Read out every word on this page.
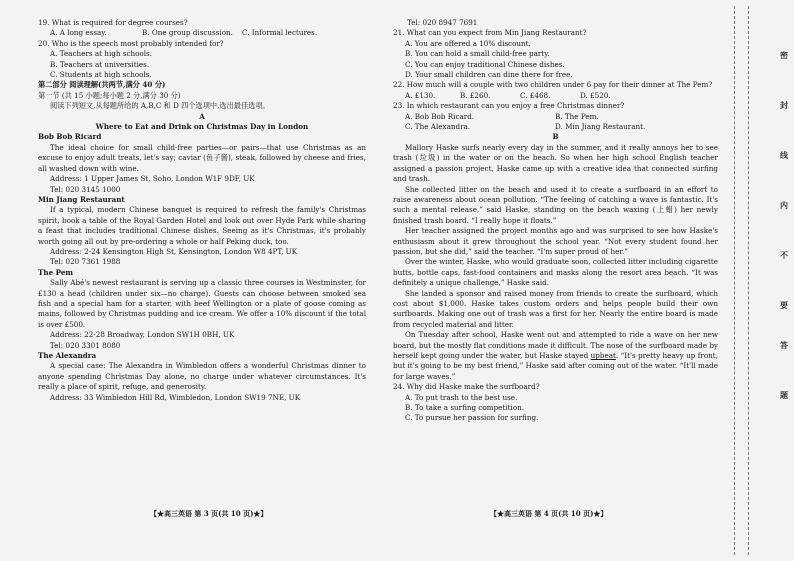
19. What is required for degree courses?

A. A long essay.	B. One group discussion.	C. Informal lectures.

20. Who is the speech most probably intended for?

A. Teachers at high schools.

B. Teachers at universities.

C. Students at high schools.

第二部分 阅读理解(共两节,满分 40 分)

第一节 (共 15 小题;每小题 2 分,满分 30 分)

阅读下列短文,从每题所给的 A,B,C 和 D 四个选项中,选出最佳选项。

A

Where to Eat and Drink on Christmas Day in London

Bob Bob Ricard

The ideal choice for small child-free parties—or pairs—that use Christmas as an excuse to enjoy adult treats, let's say; caviar (鱼子酱), steak, followed by cheese and fries, all washed down with wine.

Address: 1 Upper James St, Soho, London W1F 9DF, UK

Tel: 020 3145 1000

Min Jiang Restaurant

If a typical, modern Chinese banquet is required to refresh the family's Christmas spirit, book a table of the Royal Garden Hotel and look out over Hyde Park while sharing a feast that includes traditional Chinese dishes. Seeing as it's Christmas, it's probably worth going all out by pre-ordering a whole or half Peking duck, too.

Address: 2-24 Kensington High St, Kensington, London W8 4PT, UK

Tel: 020 7361 1988

The Pem

Sally Abé's newest restaurant is serving up a classic three courses in Westminster, for £130 a head (children under six—no charge). Guests can choose between smoked sea fish and a special ham for a starter, with beef Wellington or a plate of goose coming as mains, followed by Christmas pudding and ice cream. We offer a 10% discount if the total is over £500.

Address: 22-28 Broadway, London SW1H 0BH, UK

Tel: 020 3301 8080

The Alexandra

A special case: The Alexandra in Wimbledon offers a wonderful Christmas dinner to anyone spending Christmas Day alone, no charge under whatever circumstances. It's really a place of spirit, refuge, and generosity.

Address: 33 Wimbledon Hill Rd, Wimbledon, London SW19 7NE, UK

【★高三英语 第 3 页(共 10 页)★】

Tel: 020 8947 7691

21. What can you expect from Min Jiang Restaurant?

A. You are offered a 10% discount.

B. You can hold a small child-free party.

C. You can enjoy traditional Chinese dishes.

D. Your small children can dine there for free.

22. How much will a couple with two children under 6 pay for their dinner at The Pem?

A. £130.	B. £260.	C. £468.	D. £520.

23. In which restaurant can you enjoy a free Christmas dinner?

A. Bob Bob Ricard.	B. The Pem.
C. The Alexandra.	D. Min Jiang Restaurant.

B

Mallory Haske surfs nearly every day in the summer, and it really annoys her to see trash (垃圾) in the water or on the beach. So when her high school English teacher assigned a passion project, Haske came up with a creative idea that connected surfing and trash.

She collected litter on the beach and used it to create a surfboard in an effort to raise awareness about ocean pollution. “The feeling of catching a wave is fantastic. It's such a mental release,” said Haske, standing on the beach waxing (上蜡) her newly finished trash board. “I really hope it floats.”

Her teacher assigned the project months ago and was surprised to see how Haske's enthusiasm about it grew throughout the school year. “Not every student found her passion, but she did,” said the teacher. “I'm super proud of her.”

Over the winter, Haske, who would graduate soon, collected litter including cigarette butts, bottle caps, fast-food containers and masks along the resort area beach. “It was definitely a unique challenge,” Haske said.

She landed a sponsor and raised money from friends to create the surfboard, which cost about $1,000. Haske takes custom orders and helps people build their own surfboards. Making one out of trash was a first for her. Nearly the entire board is made from recycled material and litter.

On Tuesday after school, Haske went out and attempted to ride a wave on her new board, but the mostly flat conditions made it difficult. The nose of the surfboard made by herself kept going under the water, but Haske stayed upbeat. “It's pretty heavy up front, but it's going to be my best friend,” Haske said after coming out of the water. “It'll made for large waves.”

24. Why did Haske make the surfboard?

A. To put trash to the best use.

B. To take a surfing competition.

C. To pursue her passion for surfing.

【★高三英语 第 4 页(共 10 页)★】
密
封
线
内
不
要
答
题
